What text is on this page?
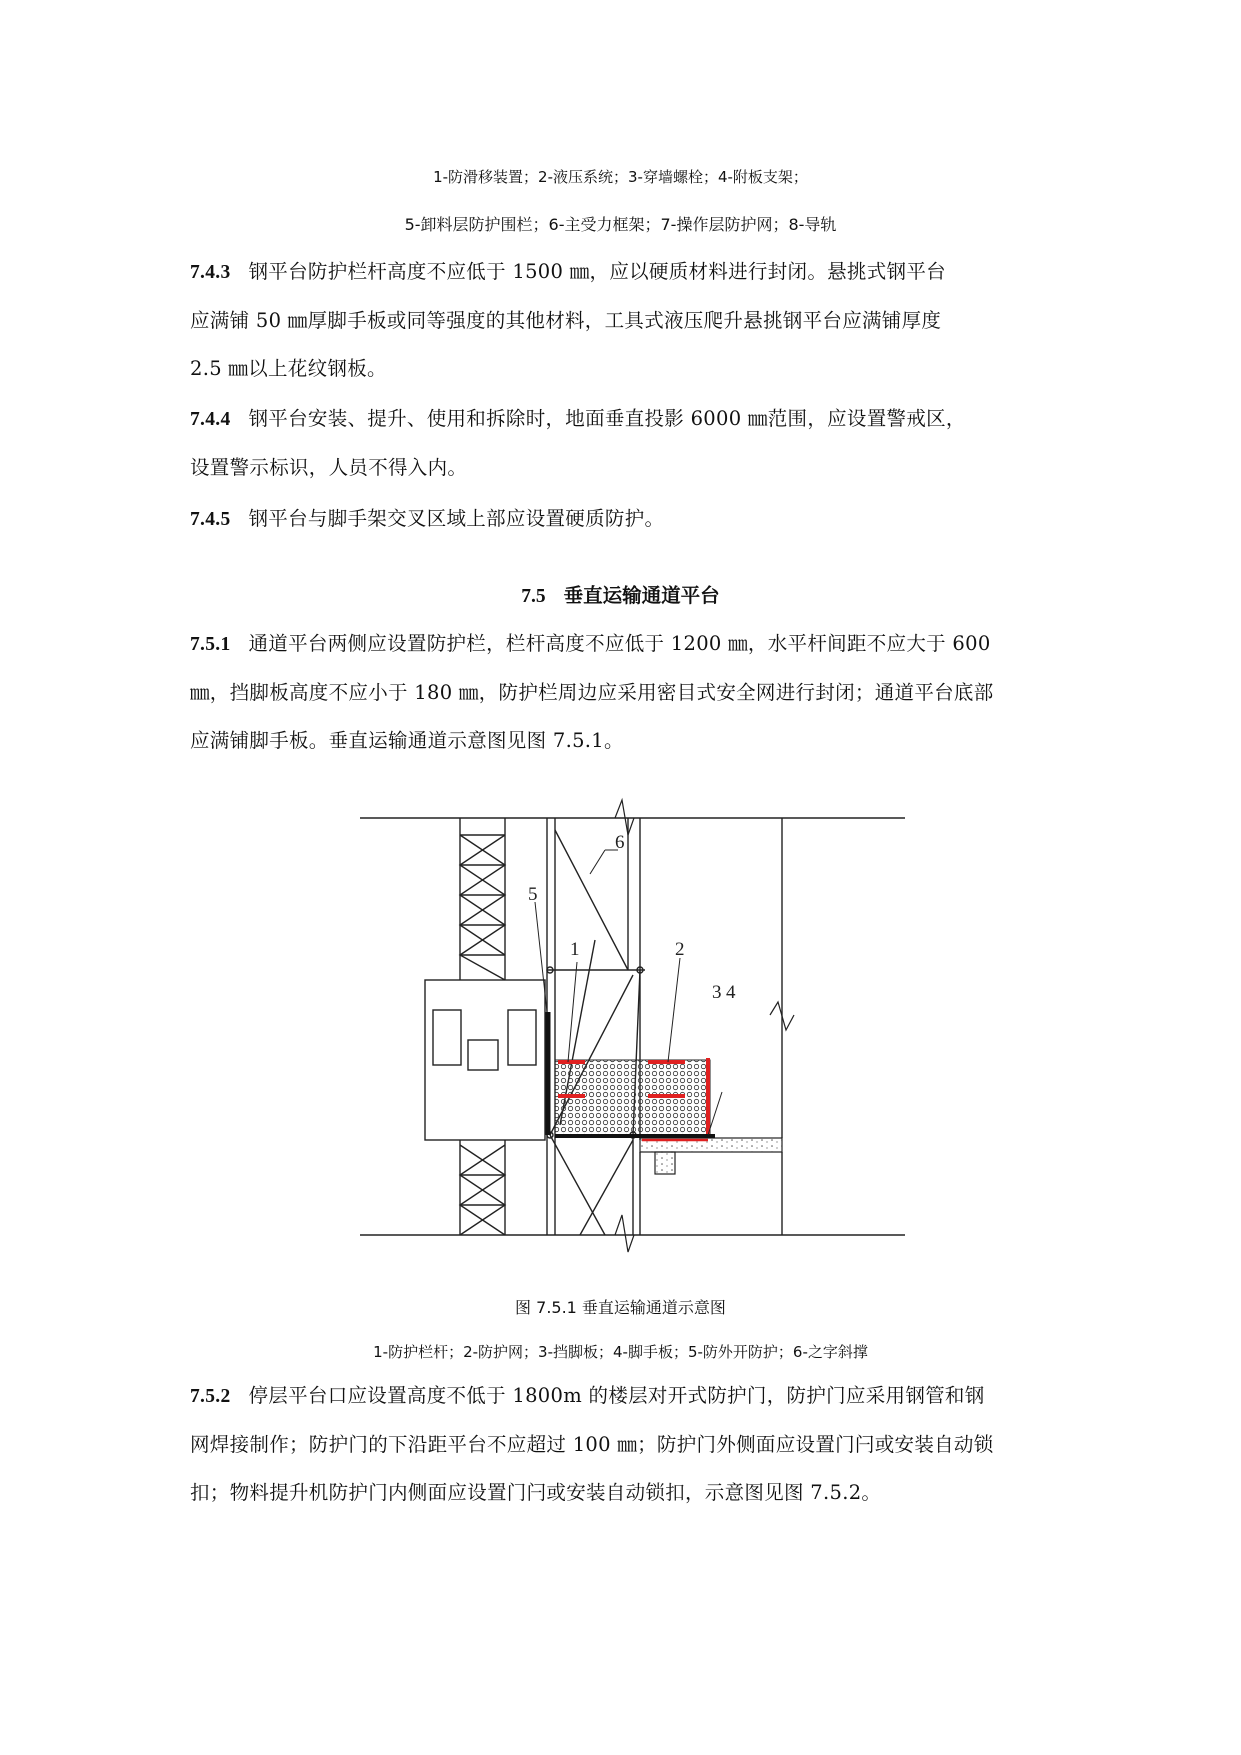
1-防滑移装置；2-液压系统；3-穿墙螺栓；4-附板支架；
5-卸料层防护围栏；6-主受力框架；7-操作层防护网；8-导轨
7.4.3 钢平台防护栏杆高度不应低于 1500 ㎜，应以硬质材料进行封闭。悬挑式钢平台
应满铺 50 ㎜厚脚手板或同等强度的其他材料，工具式液压爬升悬挑钢平台应满铺厚度
2.5 ㎜以上花纹钢板。
7.4.4 钢平台安装、提升、使用和拆除时，地面垂直投影 6000 ㎜范围，应设置警戒区，
设置警示标识，人员不得入内。
7.4.5 钢平台与脚手架交叉区域上部应设置硬质防护。
7.5 垂直运输通道平台
7.5.1 通道平台两侧应设置防护栏，栏杆高度不应低于 1200 ㎜，水平杆间距不应大于 600
㎜，挡脚板高度不应小于 180 ㎜，防护栏周边应采用密目式安全网进行封闭；通道平台底部
应满铺脚手板。垂直运输通道示意图见图 7.5.1。
6
5
1	2
3 4
图 7.5.1 垂直运输通道示意图
1-防护栏杆；2-防护网；3-挡脚板；4-脚手板；5-防外开防护；6-之字斜撑
7.5.2 停层平台口应设置高度不低于 1800m 的楼层对开式防护门，防护门应采用钢管和钢
网焊接制作；防护门的下沿距平台不应超过 100 ㎜；防护门外侧面应设置门闩或安装自动锁
扣；物料提升机防护门内侧面应设置门闩或安装自动锁扣，示意图见图 7.5.2。
